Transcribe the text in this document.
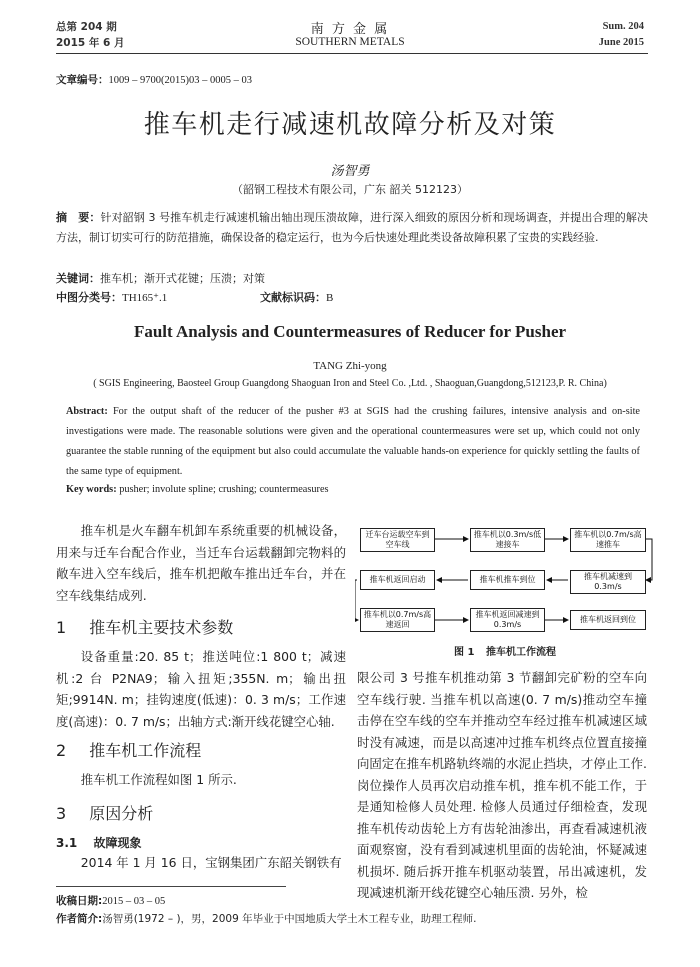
总第 204 期
2015 年 6 月
南 方 金 属
SOUTHERN METALS
Sum. 204
June 2015
文章编号：1009 – 9700(2015)03 – 0005 – 03
推车机走行减速机故障分析及对策
汤智勇
（韶钢工程技术有限公司，广东 韶关 512123）
摘　要：针对韶钢 3 号推车机走行减速机输出轴出现压溃故障，进行深入细致的原因分析和现场调查，并提出合理的解决方法，制订切实可行的防范措施，确保设备的稳定运行，也为今后快速处理此类设备故障积累了宝贵的实践经验.
关键词：推车机；渐开式花键；压溃；对策
中图分类号：TH165⁺.1	文献标识码：B
Fault Analysis and Countermeasures of Reducer for Pusher
TANG Zhi-yong
( SGIS Engineering, Baosteel Group Guangdong Shaoguan Iron and Steel Co. ,Ltd. , Shaoguan,Guangdong,512123,P. R. China)
Abstract: For the output shaft of the reducer of the pusher #3 at SGIS had the crushing failures, intensive analysis and on-site investigations were made. The reasonable solutions were given and the operational countermeasures were set up, which could not only guarantee the stable running of the equipment but also could accumulate the valuable hands-on experience for quickly settling the faults of the same type of equipment.
Key words: pusher; involute spline; crushing; countermeasures
推车机是火车翻车机卸车系统重要的机械设备，用来与迁车台配合作业，当迁车台运载翻卸完物料的敞车进入空车线后，推车机把敞车推出迁车台，并在空车线集结成列.
1 推车机主要技术参数
设备重量:20. 85 t；推送吨位:1 800 t；减速机:2 台 P2NA9；输入扭矩;355N. m；输出扭矩;9914N. m；挂钩速度(低速)：0. 3 m/s；工作速度(高速)：0. 7 m/s；出轴方式:渐开线花键空心轴.
2 推车机工作流程
推车机工作流程如图 1 所示.
3 原因分析
3.1 故障现象
2014 年 1 月 16 日，宝钢集团广东韶关钢铁有
迁车台运载空车到空车线
推车机以0.3m/s低速接车
推车机以0.7m/s高速推车
推车机减速到0.3m/s
推车机推车到位
推车机返回启动
推车机以0.7m/s高速返回
推车机返回减速到0.3m/s
推车机返回到位
图 1 推车机工作流程
限公司 3 号推车机推动第 3 节翻卸完矿粉的空车向空车线行驶. 当推车机以高速(0. 7 m/s)推动空车撞击停在空车线的空车并推动空车经过推车机减速区域时没有减速，而是以高速冲过推车机终点位置直接撞向固定在推车机路轨终端的水泥止挡块，才停止工作. 岗位操作人员再次启动推车机，推车机不能工作，于是通知检修人员处理. 检修人员通过仔细检查，发现推车机传动齿轮上方有齿轮油渗出，再查看减速机液面观察窗，没有看到减速机里面的齿轮油，怀疑减速机损坏. 随后拆开推车机驱动装置，吊出减速机，发现减速机渐开线花键空心轴压溃. 另外，检
收稿日期:2015 – 03 – 05
作者简介:汤智勇(1972 – )，男，2009 年毕业于中国地质大学土木工程专业，助理工程师.
